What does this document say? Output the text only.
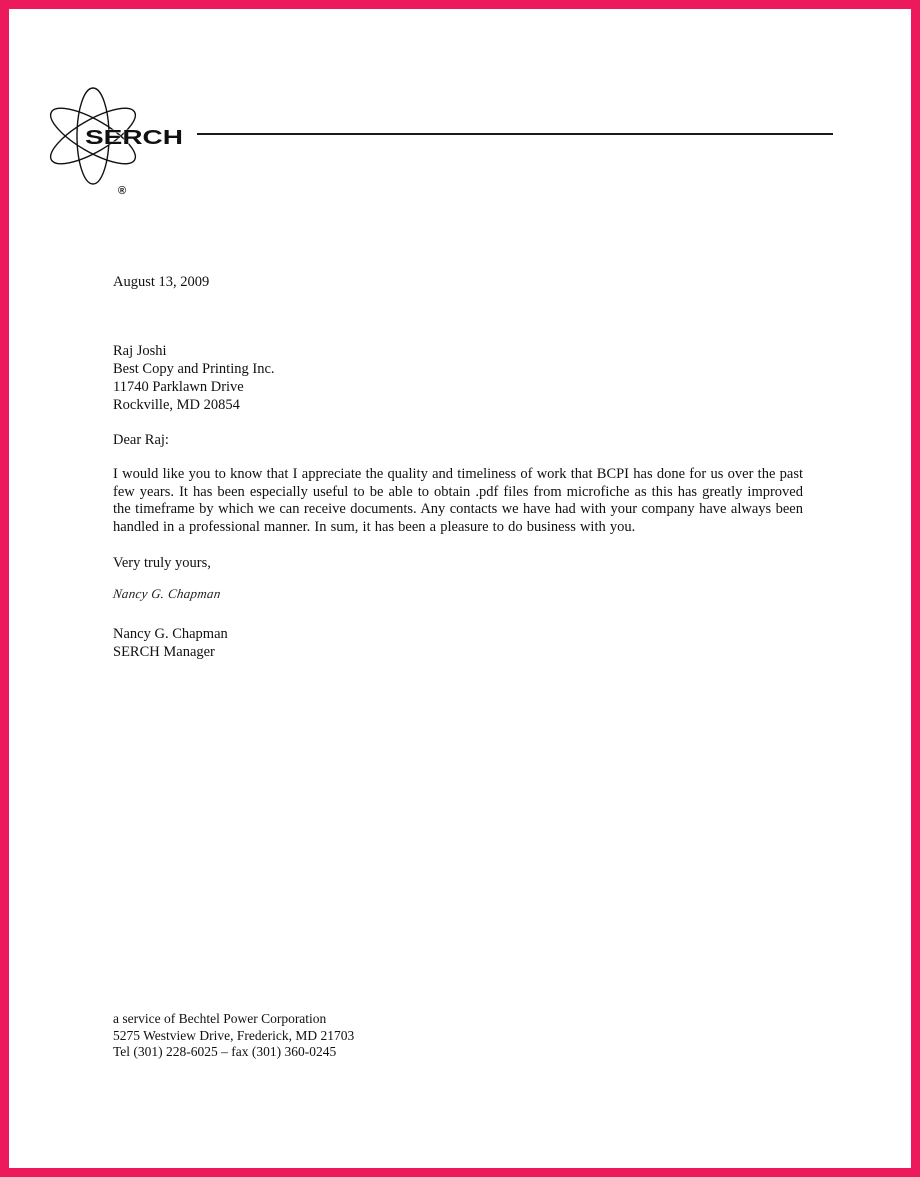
SERCH
®
August 13, 2009
Raj Joshi
Best Copy and Printing Inc.
11740 Parklawn Drive
Rockville, MD 20854
Dear Raj:
I would like you to know that I appreciate the quality and timeliness of work that BCPI has done for us over the past few years. It has been especially useful to be able to obtain .pdf files from microfiche as this has greatly improved the timeframe by which we can receive documents. Any contacts we have had with your company have always been handled in a professional manner. In sum, it has been a pleasure to do business with you.
Very truly yours,
Nancy G. Chapman
Nancy G. Chapman
SERCH Manager
a service of Bechtel Power Corporation
5275 Westview Drive, Frederick, MD 21703
Tel (301) 228-6025 – fax (301) 360-0245
